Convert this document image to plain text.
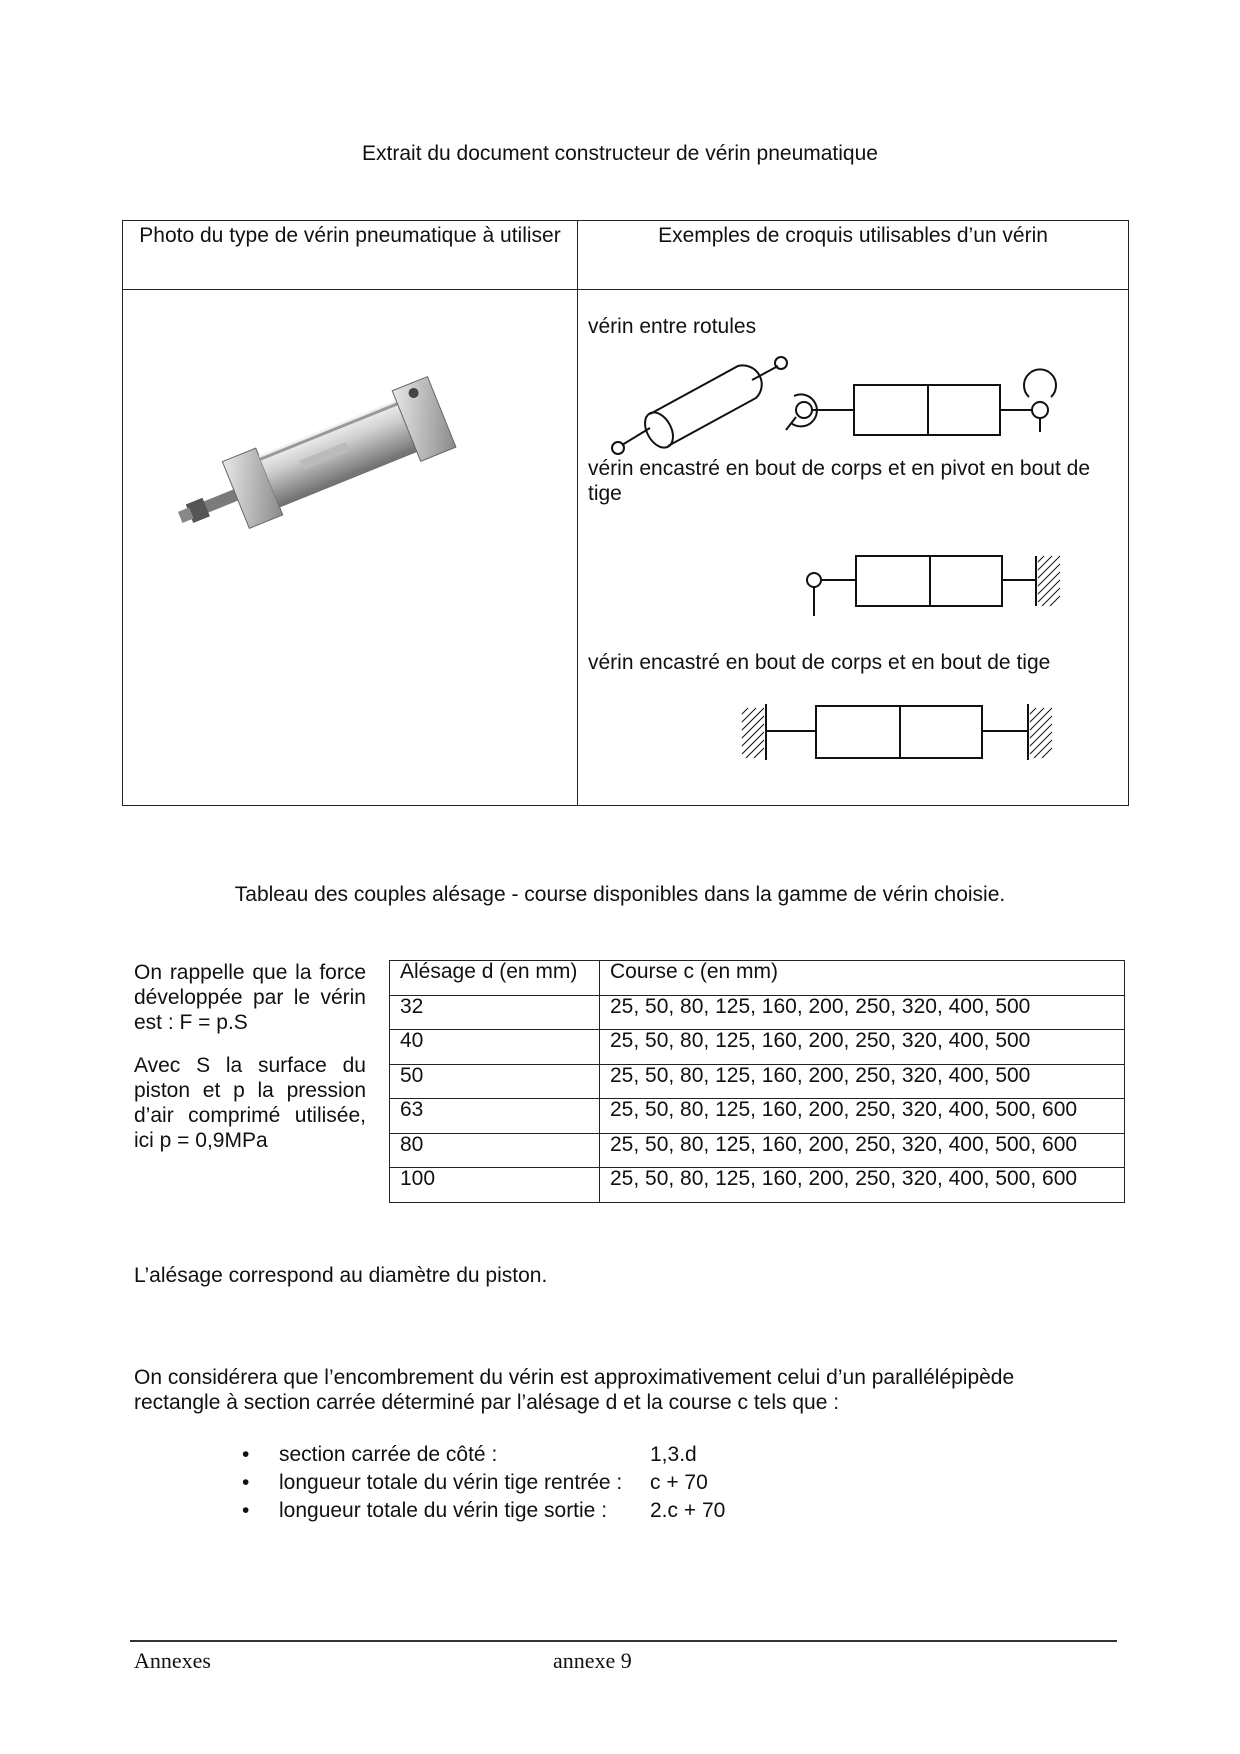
Extrait du document constructeur de vérin pneumatique
Photo du type de vérin pneumatique à utiliser	Exemples de croquis utilisables d’un vérin

vérin entre rotules
vérin encastré en bout de corps et en pivot en bout de tige
vérin encastré en bout de corps et en bout de tige
Tableau des couples alésage - course disponibles dans la gamme de vérin choisie.

On rappelle que la force développée par le vérin est : F = p.S

Avec S la surface du piston et p la pression d’air comprimé utilisée, ici p = 0,9MPa

Alésage d (en mm)	Course c (en mm)
32	25, 50, 80, 125, 160, 200, 250, 320, 400, 500
40	25, 50, 80, 125, 160, 200, 250, 320, 400, 500
50	25, 50, 80, 125, 160, 200, 250, 320, 400, 500
63	25, 50, 80, 125, 160, 200, 250, 320, 400, 500, 600
80	25, 50, 80, 125, 160, 200, 250, 320, 400, 500, 600
100	25, 50, 80, 125, 160, 200, 250, 320, 400, 500, 600
L’alésage correspond au diamètre du piston.
On considérera que l’encombrement du vérin est approximativement celui d’un parallélépipède rectangle à section carrée déterminé par l’alésage d et la course c tels que :
• section carrée de côté :	1,3.d
• longueur totale du vérin tige rentrée : c + 70
• longueur totale du vérin tige sortie : 2.c + 70
Annexes	annexe 9
